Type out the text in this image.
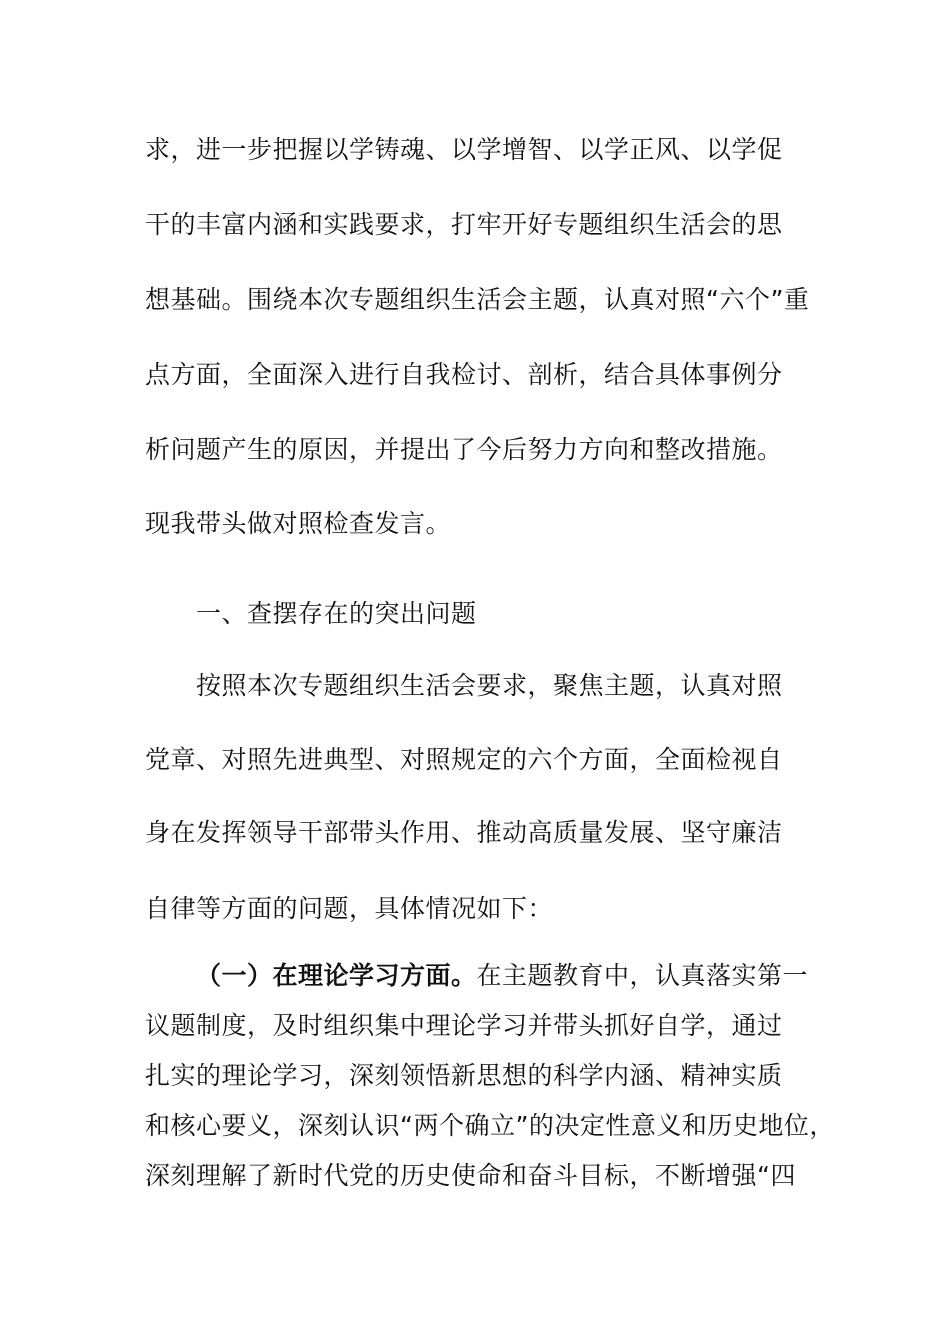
求，进一步把握以学铸魂、以学增智、以学正风、以学促
干的丰富内涵和实践要求，打牢开好专题组织生活会的思
想基础。围绕本次专题组织生活会主题，认真对照“六个”重
点方面，全面深入进行自我检讨、剖析，结合具体事例分
析问题产生的原因，并提出了今后努力方向和整改措施。
现我带头做对照检查发言。
一、查摆存在的突出问题
按照本次专题组织生活会要求，聚焦主题，认真对照
党章、对照先进典型、对照规定的六个方面，全面检视自
身在发挥领导干部带头作用、推动高质量发展、坚守廉洁
自律等方面的问题，具体情况如下：
（一）在理论学习方面。在主题教育中，认真落实第一
议题制度，及时组织集中理论学习并带头抓好自学，通过
扎实的理论学习，深刻领悟新思想的科学内涵、精神实质
和核心要义，深刻认识“两个确立”的决定性意义和历史地位，
深刻理解了新时代党的历史使命和奋斗目标，不断增强“四
